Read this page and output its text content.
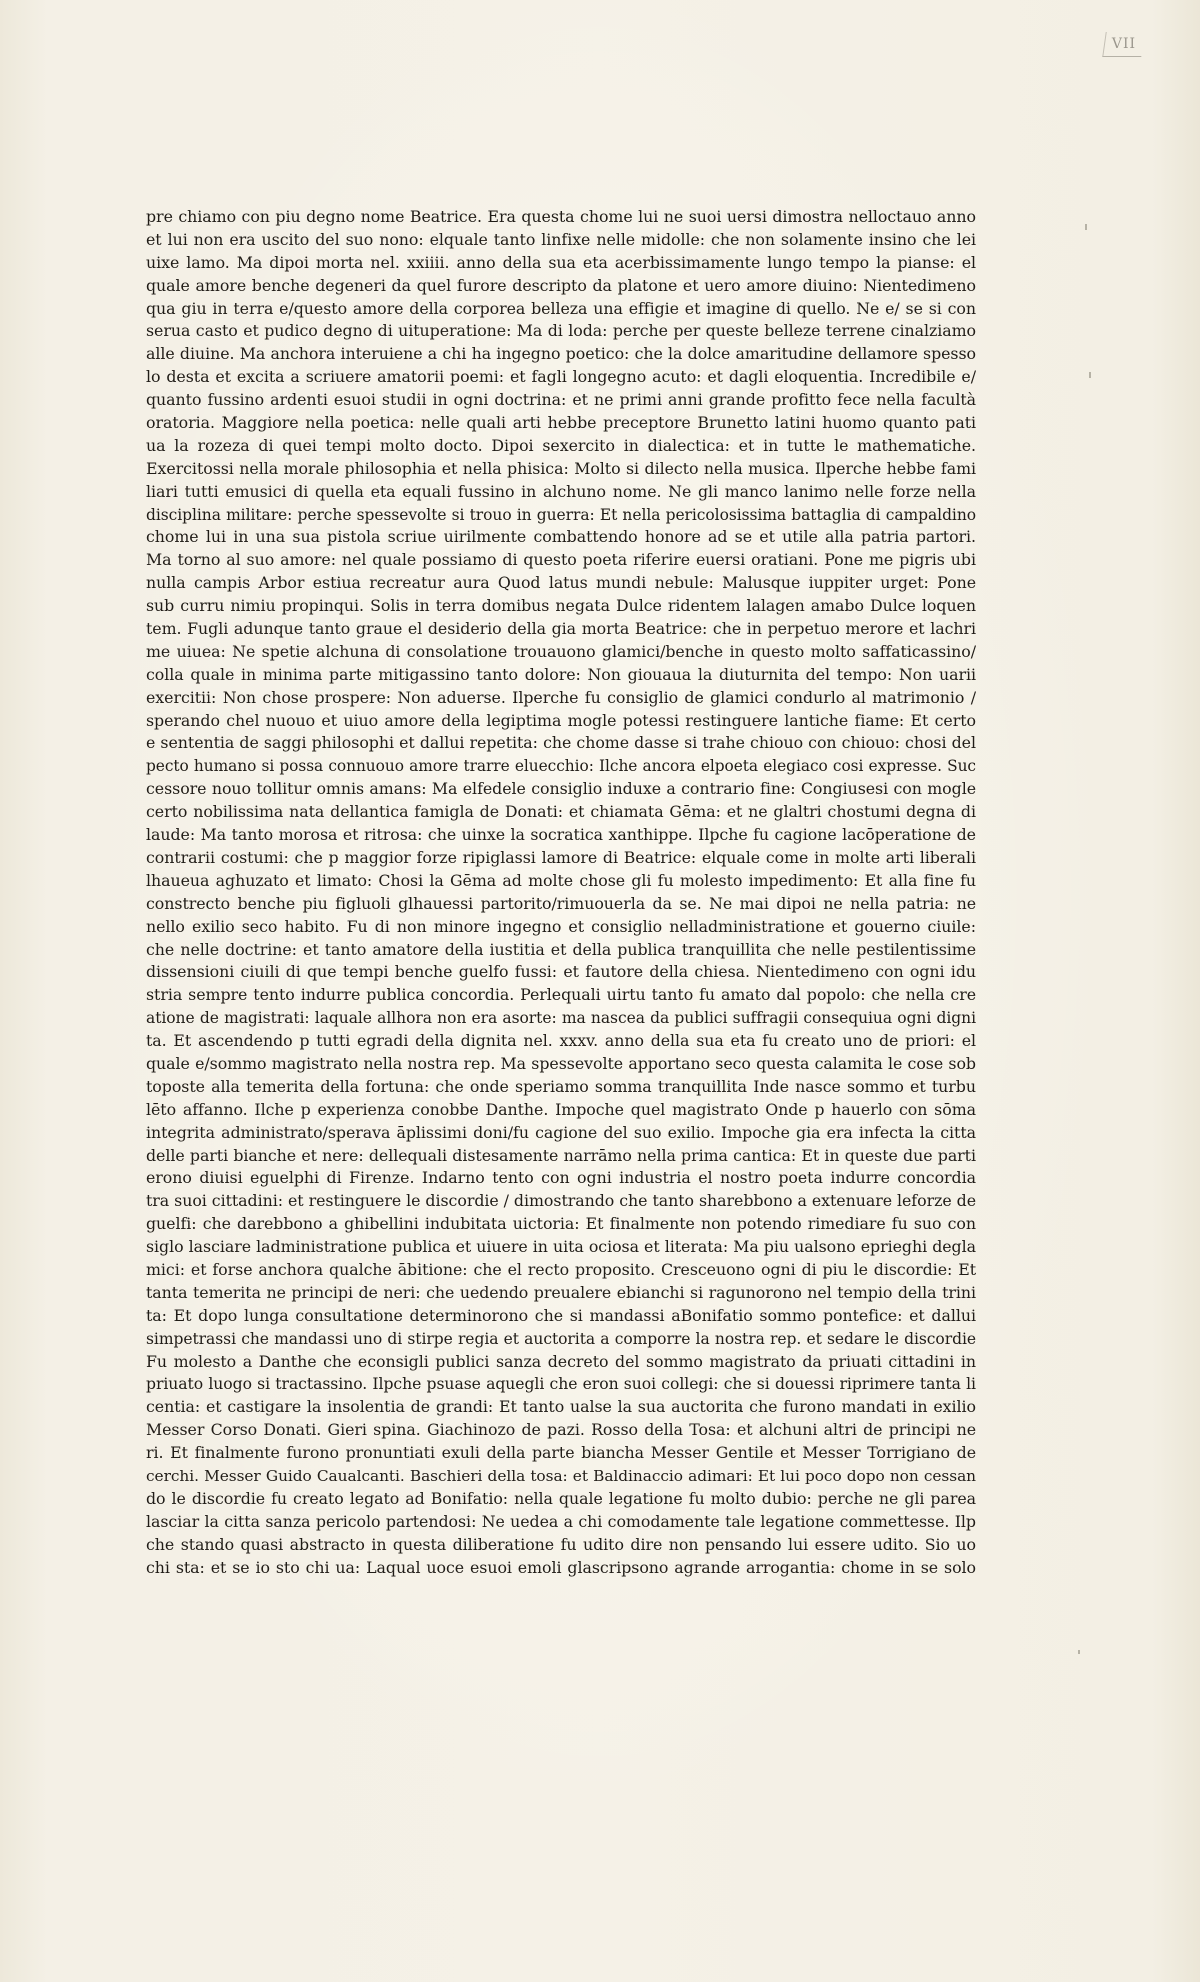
VII
pre chiamo con piu degno nome Beatrice. Era questa chome lui ne suoi uersi dimostra nelloctauo anno
et lui non era uscito del suo nono: elquale tanto linfixe nelle midolle: che non solamente insino che lei
uixe lamo. Ma dipoi morta nel. xxiiii. anno della sua eta acerbissimamente lungo tempo la pianse: el
quale amore benche degeneri da quel furore descripto da platone et uero amore diuino: Nientedimeno
qua giu in terra e/questo amore della corporea belleza una effigie et imagine di quello. Ne e/ se si con
serua casto et pudico degno di uituperatione: Ma di loda: perche per queste belleze terrene cinalziamo
alle diuine. Ma anchora interuiene a chi ha ingegno poetico: che la dolce amaritudine dellamore spesso
lo desta et excita a scriuere amatorii poemi: et fagli longegno acuto: et dagli eloquentia. Incredibile e/
quanto fussino ardenti esuoi studii in ogni doctrina: et ne primi anni grande profitto fece nella facultà
oratoria. Maggiore nella poetica: nelle quali arti hebbe preceptore Brunetto latini huomo quanto pati
ua la rozeza di quei tempi molto docto. Dipoi sexercito in dialectica: et in tutte le mathematiche.
Exercitossi nella morale philosophia et nella phisica: Molto si dilecto nella musica. Ilperche hebbe fami
liari tutti emusici di quella eta equali fussino in alchuno nome. Ne gli manco lanimo nelle forze nella
disciplina militare: perche spessevolte si trouo in guerra: Et nella pericolosissima battaglia di campaldino
chome lui in una sua pistola scriue uirilmente combattendo honore ad se et utile alla patria partori.
Ma torno al suo amore: nel quale possiamo di questo poeta riferire euersi oratiani. Pone me pigris ubi
nulla campis Arbor estiua recreatur aura Quod latus mundi nebule: Malusque iuppiter urget: Pone
sub curru nimiu propinqui. Solis in terra domibus negata Dulce ridentem lalagen amabo Dulce loquen
tem. Fugli adunque tanto graue el desiderio della gia morta Beatrice: che in perpetuo merore et lachri
me uiuea: Ne spetie alchuna di consolatione trouauono glamici/benche in questo molto saffaticassino/
colla quale in minima parte mitigassino tanto dolore: Non giouaua la diuturnita del tempo: Non uarii
exercitii: Non chose prospere: Non aduerse. Ilperche fu consiglio de glamici condurlo al matrimonio /
sperando chel nuouo et uiuo amore della legiptima mogle potessi restinguere lantiche fiame: Et certo
e sententia de saggi philosophi et dallui repetita: che chome dasse si trahe chiouo con chiouo: chosi del
pecto humano si possa connuouo amore trarre eluecchio: Ilche ancora elpoeta elegiaco cosi expresse. Suc
cessore nouo tollitur omnis amans: Ma elfedele consiglio induxe a contrario fine: Congiusesi con mogle
certo nobilissima nata dellantica famigla de Donati: et chiamata Gēma: et ne glaltri chostumi degna di
laude: Ma tanto morosa et ritrosa: che uinxe la socratica xanthippe. Ilpche fu cagione lacōperatione de
contrarii costumi: che p maggior forze ripiglassi lamore di Beatrice: elquale come in molte arti liberali
lhaueua aghuzato et limato: Chosi la Gēma ad molte chose gli fu molesto impedimento: Et alla fine fu
constrecto benche piu figluoli glhauessi partorito/rimuouerla da se. Ne mai dipoi ne nella patria: ne
nello exilio seco habito. Fu di non minore ingegno et consiglio nelladministratione et gouerno ciuile:
che nelle doctrine: et tanto amatore della iustitia et della publica tranquillita che nelle pestilentissime
dissensioni ciuili di que tempi benche guelfo fussi: et fautore della chiesa. Nientedimeno con ogni idu
stria sempre tento indurre publica concordia. Perlequali uirtu tanto fu amato dal popolo: che nella cre
atione de magistrati: laquale allhora non era asorte: ma nascea da publici suffragii consequiua ogni digni
ta. Et ascendendo p tutti egradi della dignita nel. xxxv. anno della sua eta fu creato uno de priori: el
quale e/sommo magistrato nella nostra rep. Ma spessevolte apportano seco questa calamita le cose sob
toposte alla temerita della fortuna: che onde speriamo somma tranquillita Inde nasce sommo et turbu
lēto affanno. Ilche p experienza conobbe Danthe. Impoche quel magistrato Onde p hauerlo con sōma
integrita administrato/sperava āplissimi doni/fu cagione del suo exilio. Impoche gia era infecta la citta
delle parti bianche et nere: dellequali distesamente narrāmo nella prima cantica: Et in queste due parti
erono diuisi eguelphi di Firenze. Indarno tento con ogni industria el nostro poeta indurre concordia
tra suoi cittadini: et restinguere le discordie / dimostrando che tanto sharebbono a extenuare leforze de
guelfi: che darebbono a ghibellini indubitata uictoria: Et finalmente non potendo rimediare fu suo con
siglo lasciare ladministratione publica et uiuere in uita ociosa et literata: Ma piu ualsono eprieghi degla
mici: et forse anchora qualche ābitione: che el recto proposito. Cresceuono ogni di piu le discordie: Et
tanta temerita ne principi de neri: che uedendo preualere ebianchi si ragunorono nel tempio della trini
ta: Et dopo lunga consultatione determinorono che si mandassi aBonifatio sommo pontefice: et dallui
simpetrassi che mandassi uno di stirpe regia et auctorita a comporre la nostra rep. et sedare le discordie
Fu molesto a Danthe che econsigli publici sanza decreto del sommo magistrato da priuati cittadini in
priuato luogo si tractassino. Ilpche psuase aquegli che eron suoi collegi: che si douessi riprimere tanta li
centia: et castigare la insolentia de grandi: Et tanto ualse la sua auctorita che furono mandati in exilio
Messer Corso Donati. Gieri spina. Giachinozo de pazi. Rosso della Tosa: et alchuni altri de principi ne
ri. Et finalmente furono pronuntiati exuli della parte biancha Messer Gentile et Messer Torrigiano de
cerchi. Messer Guido Caualcanti. Baschieri della tosa: et Baldinaccio adimari: Et lui poco dopo non cessan
do le discordie fu creato legato ad Bonifatio: nella quale legatione fu molto dubio: perche ne gli parea
lasciar la citta sanza pericolo partendosi: Ne uedea a chi comodamente tale legatione commettesse. Ilp
che stando quasi abstracto in questa diliberatione fu udito dire non pensando lui essere udito. Sio uo
chi sta: et se io sto chi ua: Laqual uoce esuoi emoli glascripsono agrande arrogantia: chome in se solo
